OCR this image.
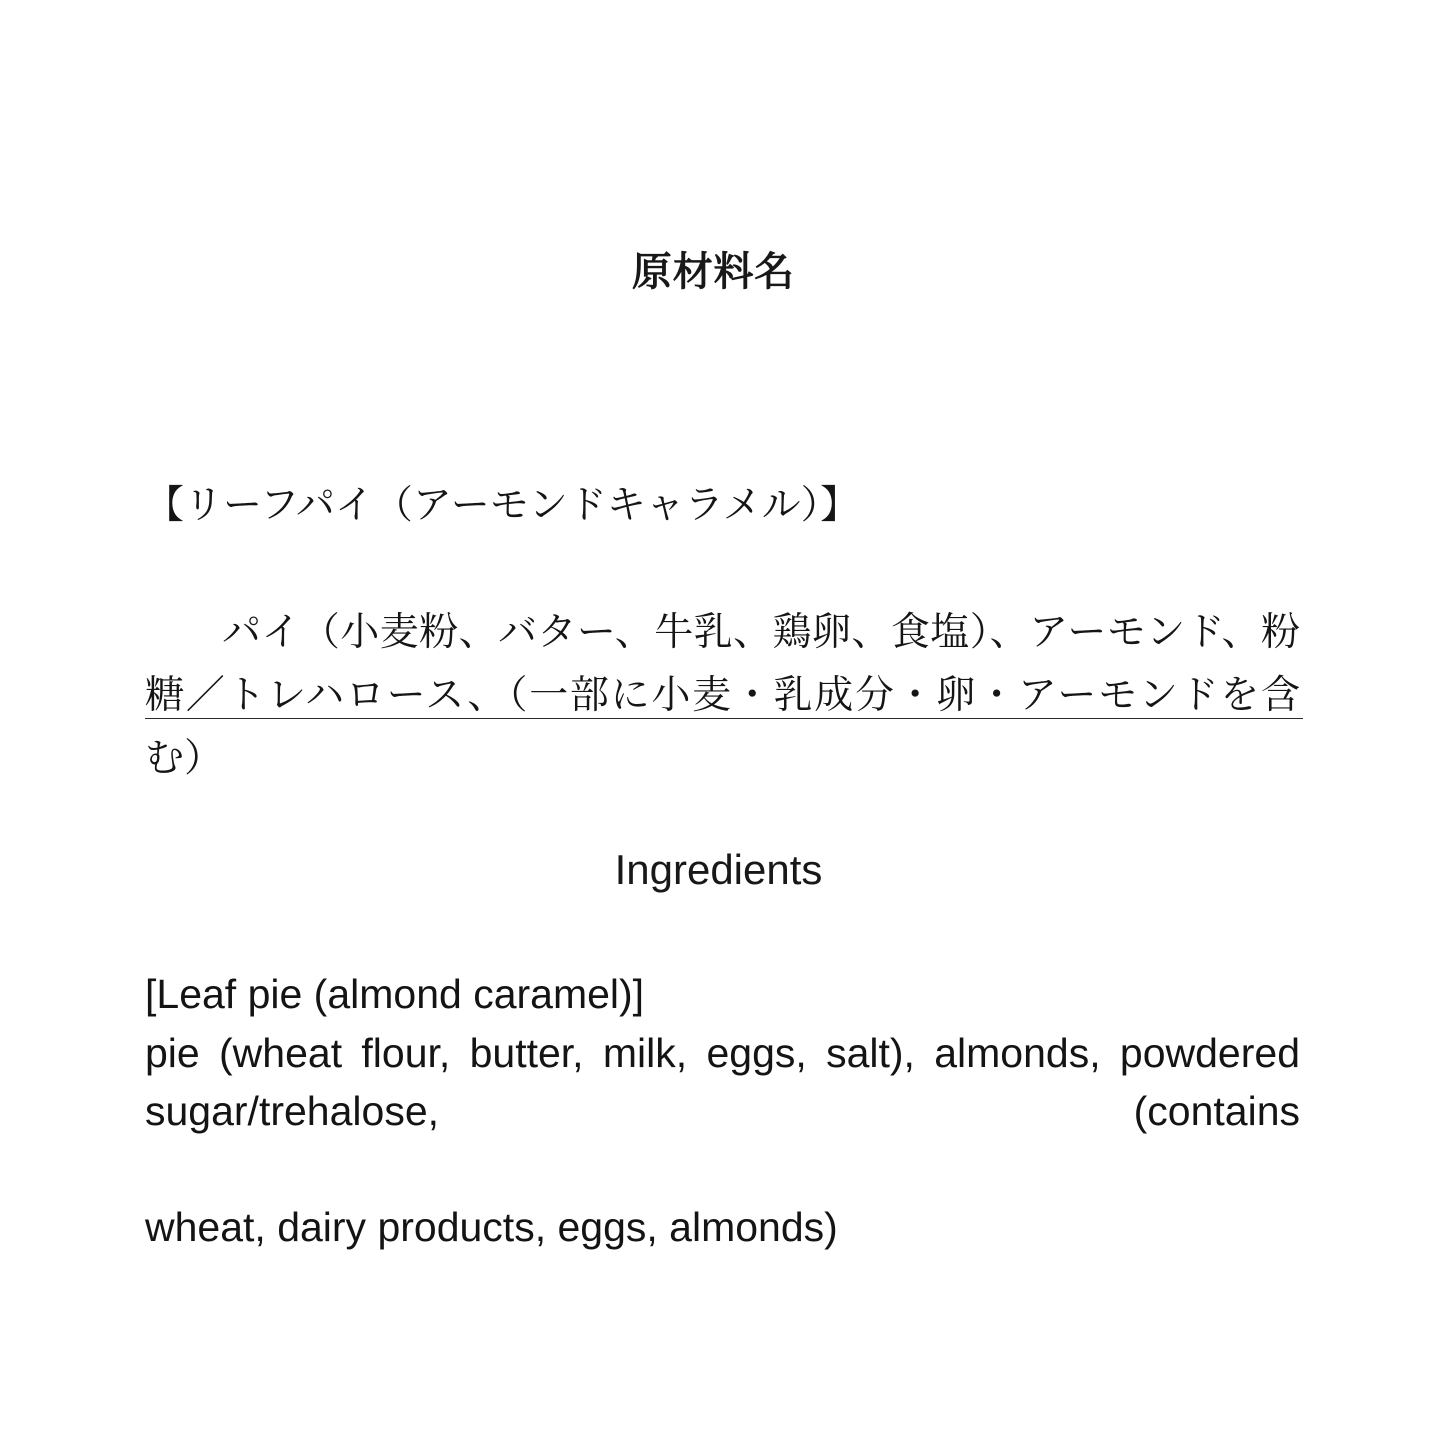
原材料名

【リーフパイ（アーモンドキャラメル）】

パイ（小麦粉、バター、牛乳、鶏卵、食塩）、アーモンド、粉糖／トレハロース、（一部に小麦・乳成分・卵・アーモンドを含む）

Ingredients
[Leaf pie (almond caramel)]
pie (wheat flour, butter, milk, eggs, salt), almonds, powdered sugar/trehalose, (contains
wheat, dairy products, eggs, almonds)
